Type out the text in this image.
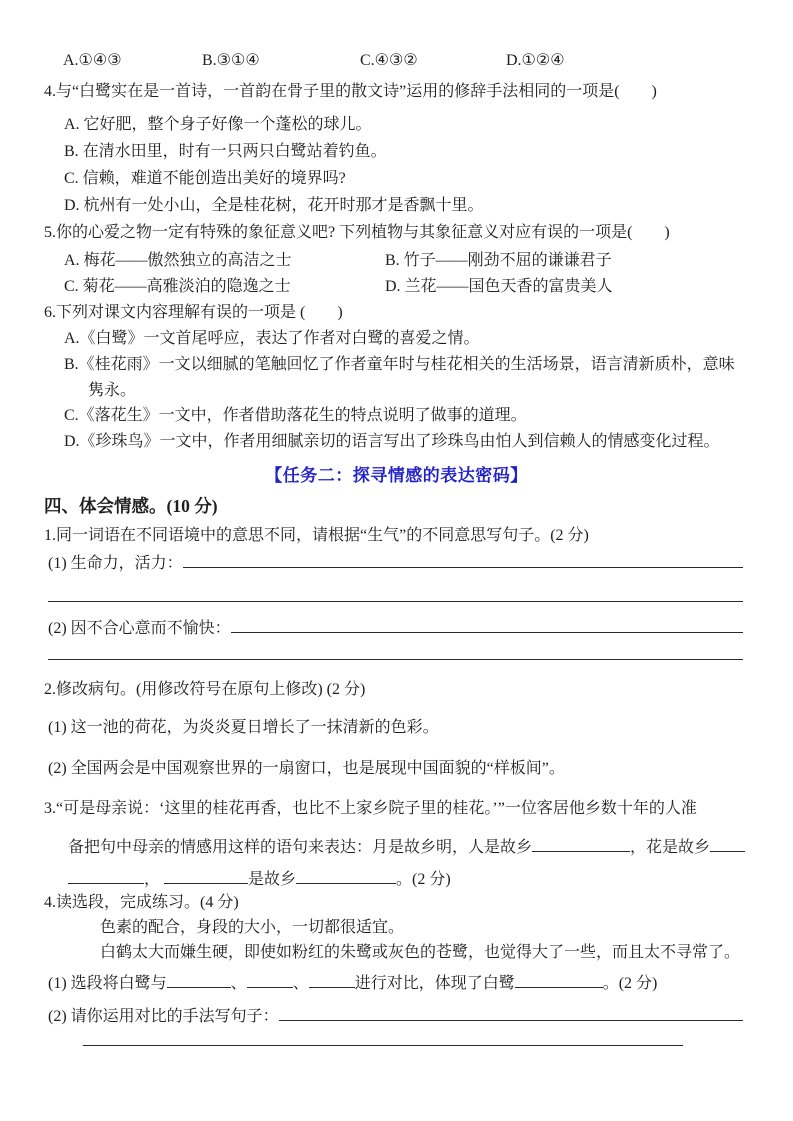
A.①④③	B.③①④	C.④③②	D.①②④
4.与“白鹭实在是一首诗，一首韵在骨子里的散文诗”运用的修辞手法相同的一项是(　　)
A. 它好肥，整个身子好像一个蓬松的球儿。
B. 在清水田里，时有一只两只白鹭站着钓鱼。
C. 信赖，难道不能创造出美好的境界吗?
D. 杭州有一处小山，全是桂花树，花开时那才是香飘十里。
5.你的心爱之物一定有特殊的象征意义吧? 下列植物与其象征意义对应有误的一项是(　　)
A. 梅花——傲然独立的高洁之士	B. 竹子——刚劲不屈的谦谦君子
C. 菊花——高雅淡泊的隐逸之士	D. 兰花——国色天香的富贵美人
6.下列对课文内容理解有误的一项是 (　　)
A.《白鹭》一文首尾呼应，表达了作者对白鹭的喜爱之情。
B.《桂花雨》一文以细腻的笔触回忆了作者童年时与桂花相关的生活场景，语言清新质朴，意味
隽永。
C.《落花生》一文中，作者借助落花生的特点说明了做事的道理。
D.《珍珠鸟》一文中，作者用细腻亲切的语言写出了珍珠鸟由怕人到信赖人的情感变化过程。
【任务二：探寻情感的表达密码】
四、体会情感。(10 分)
1.同一词语在不同语境中的意思不同，请根据“生气”的不同意思写句子。(2 分)
(1) 生命力，活力：
(2) 因不合心意而不愉快：
2.修改病句。(用修改符号在原句上修改) (2 分)
(1) 这一池的荷花，为炎炎夏日增长了一抹清新的色彩。
(2) 全国两会是中国观察世界的一扇窗口，也是展现中国面貌的“样板间”。
3.“可是母亲说：‘这里的桂花再香，也比不上家乡院子里的桂花。’”一位客居他乡数十年的人准
备把句中母亲的情感用这样的语句来表达：月是故乡明，人是故乡	，花是故乡
，	是故乡	。(2 分)
4.读选段，完成练习。(4 分)
色素的配合，身段的大小，一切都很适宜。
白鹤太大而嫌生硬，即使如粉红的朱鹭或灰色的苍鹭，也觉得大了一些，而且太不寻常了。
(1) 选段将白鹭与	、	、	进行对比，体现了白鹭	。(2 分)
(2) 请你运用对比的手法写句子：
